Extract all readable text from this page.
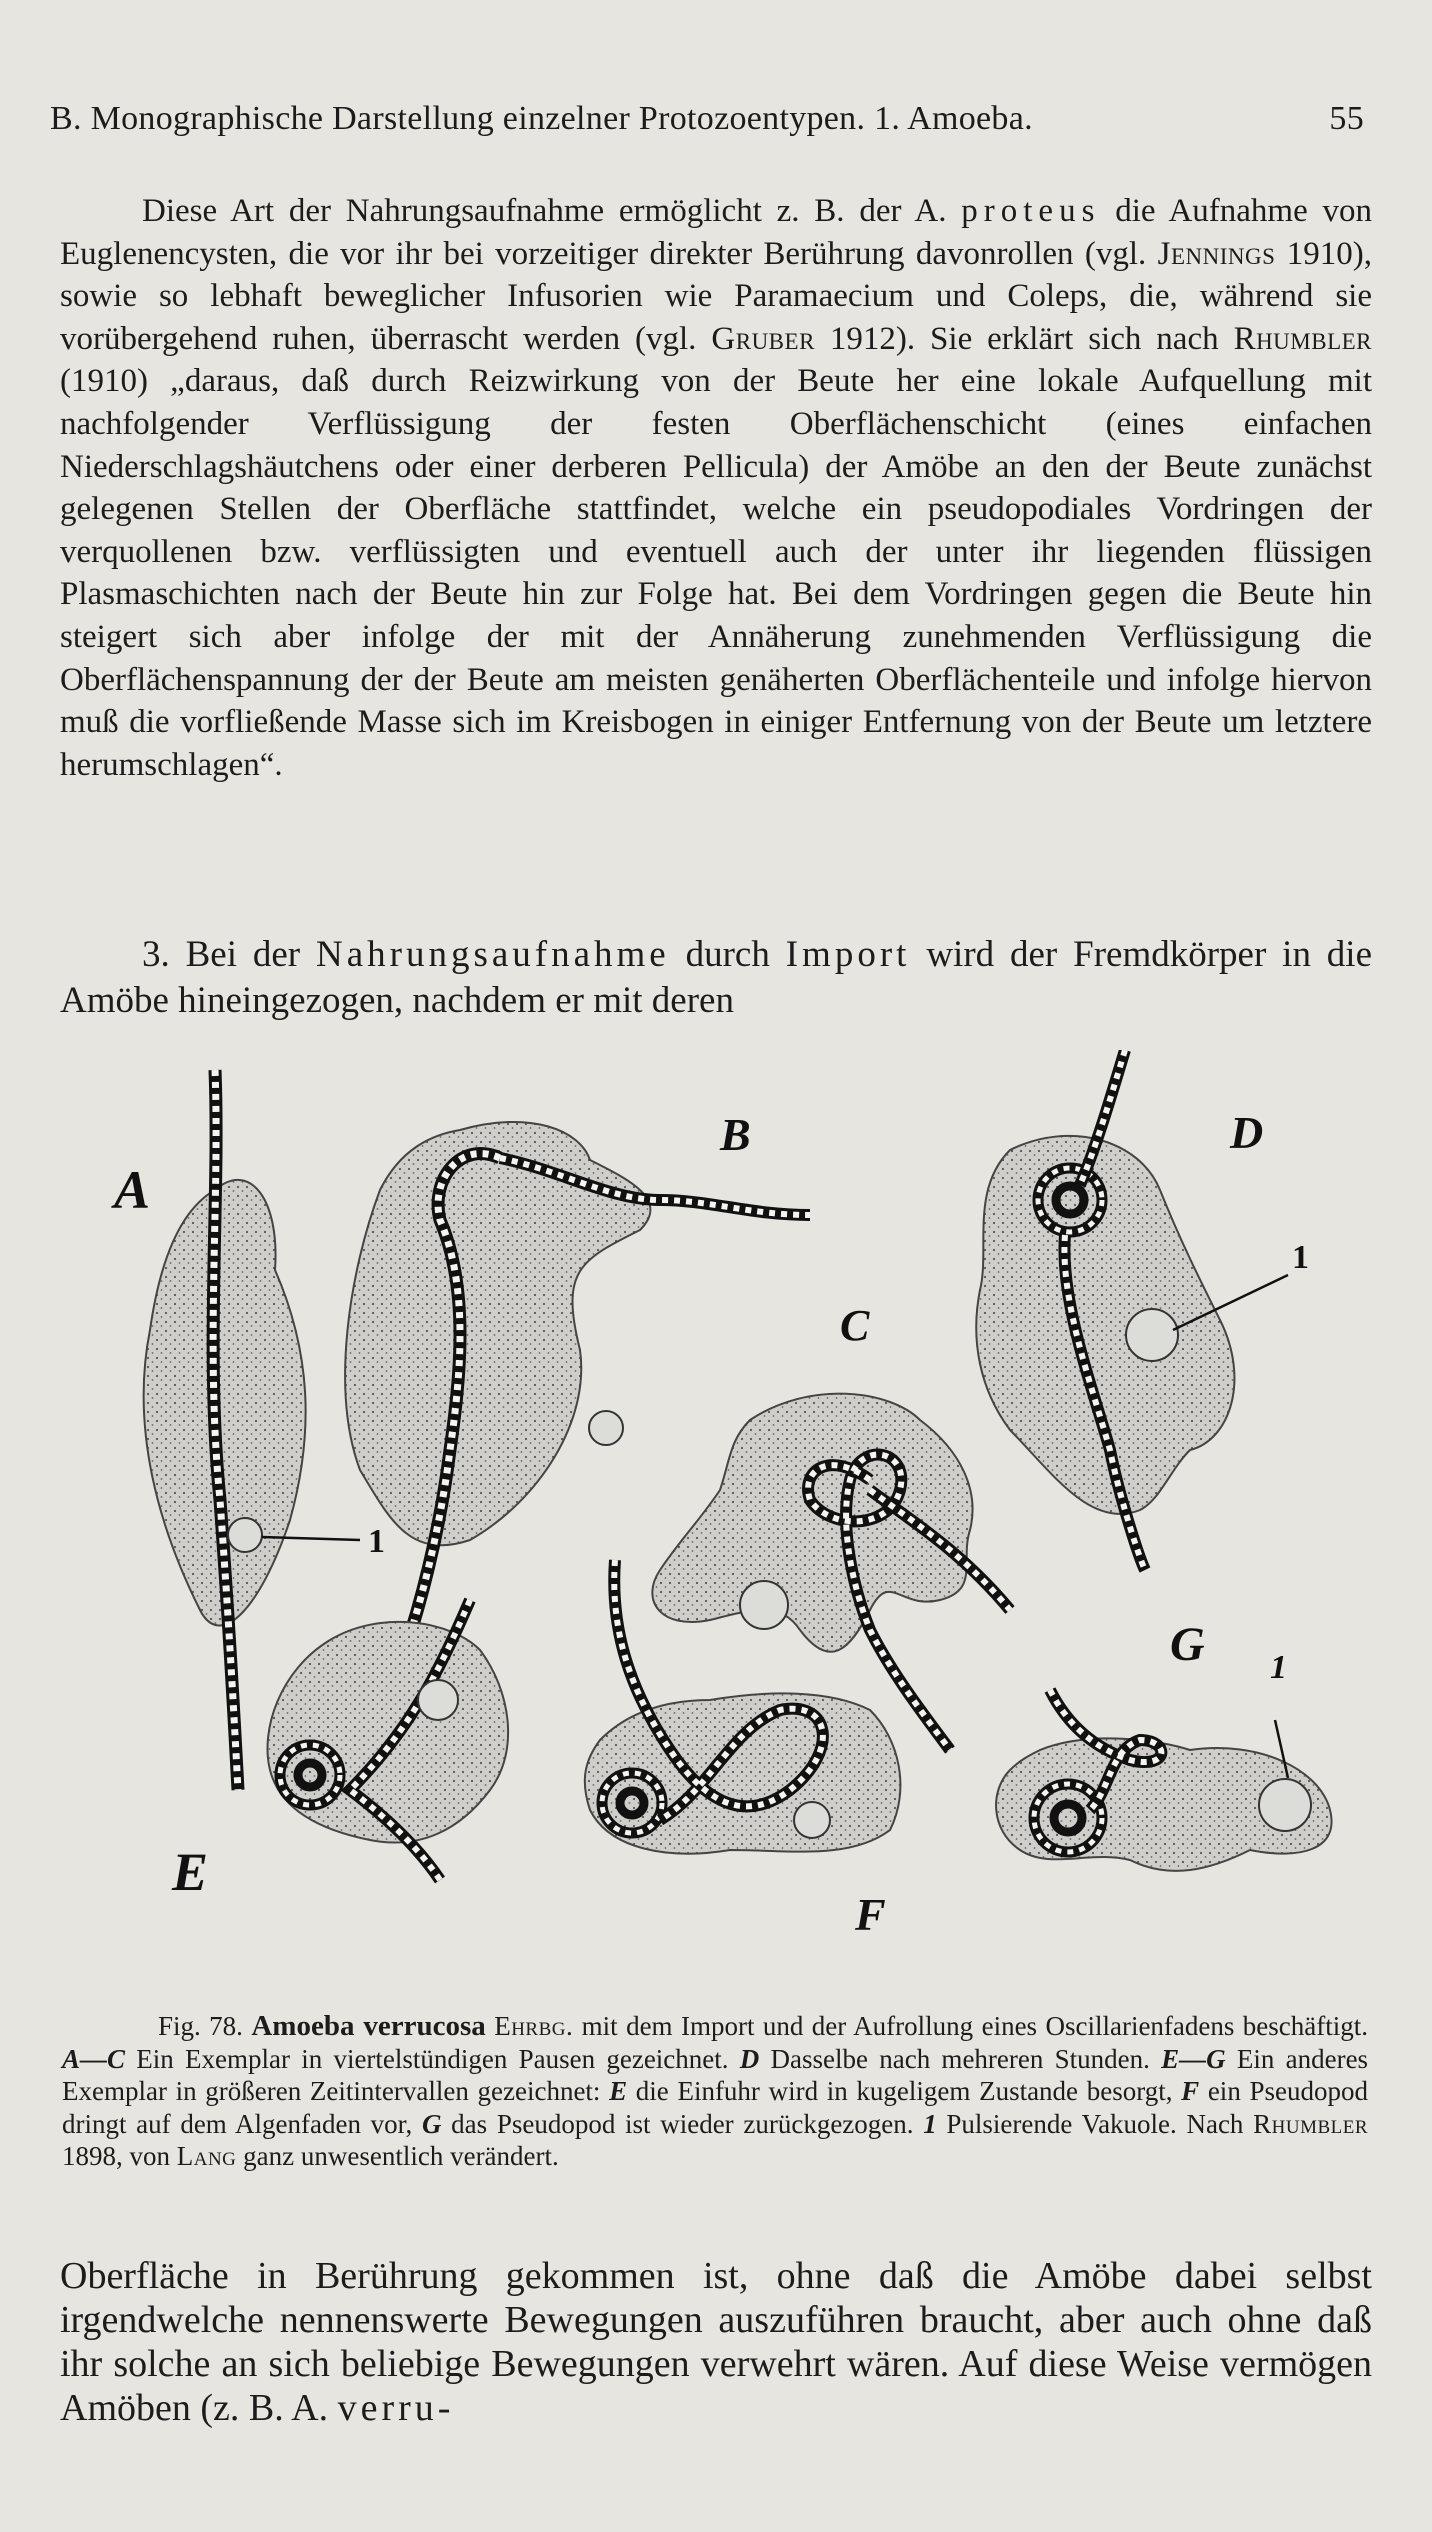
B. Monographische Darstellung einzelner Protozoentypen. 1. Amoeba.	55

Diese Art der Nahrungsaufnahme ermöglicht z. B. der A. proteus die Aufnahme von Euglenencysten, die vor ihr bei vorzeitiger direkter Berührung davonrollen (vgl. Jennings 1910), sowie so lebhaft beweglicher Infusorien wie Paramaecium und Coleps, die, während sie vorübergehend ruhen, überrascht werden (vgl. Gruber 1912). Sie erklärt sich nach Rhumbler (1910) „daraus, daß durch Reizwirkung von der Beute her eine lokale Aufquellung mit nachfolgender Verflüssigung der festen Oberflächenschicht (eines einfachen Niederschlagshäutchens oder einer derberen Pellicula) der Amöbe an den der Beute zunächst gelegenen Stellen der Oberfläche stattfindet, welche ein pseudopodiales Vordringen der verquollenen bzw. verflüssigten und eventuell auch der unter ihr liegenden flüssigen Plasmaschichten nach der Beute hin zur Folge hat. Bei dem Vordringen gegen die Beute hin steigert sich aber infolge der mit der Annäherung zunehmenden Verflüssigung die Oberflächenspannung der der Beute am meisten genäherten Oberflächenteile und infolge hiervon muß die vorfließende Masse sich im Kreisbogen in einiger Entfernung von der Beute um letztere herumschlagen“.

3. Bei der Nahrungsaufnahme durch Import wird der Fremdkörper in die Amöbe hineingezogen, nachdem er mit deren

A
1
B
C
D
1
E
F
G 1

Fig. 78. Amoeba verrucosa Ehrbg. mit dem Import und der Aufrollung eines Oscillarienfadens beschäftigt. A—C Ein Exemplar in viertelstündigen Pausen gezeichnet. D Dasselbe nach mehreren Stunden. E—G Ein anderes Exemplar in größeren Zeitintervallen gezeichnet: E die Einfuhr wird in kugeligem Zustande besorgt, F ein Pseudopod dringt auf dem Algenfaden vor, G das Pseudopod ist wieder zurückgezogen. 1 Pulsierende Vakuole. Nach Rhumbler 1898, von Lang ganz unwesentlich verändert.

Oberfläche in Berührung gekommen ist, ohne daß die Amöbe dabei selbst irgendwelche nennenswerte Bewegungen auszuführen braucht, aber auch ohne daß ihr solche an sich beliebige Bewegungen verwehrt wären. Auf diese Weise vermögen Amöben (z. B. A. verru-
